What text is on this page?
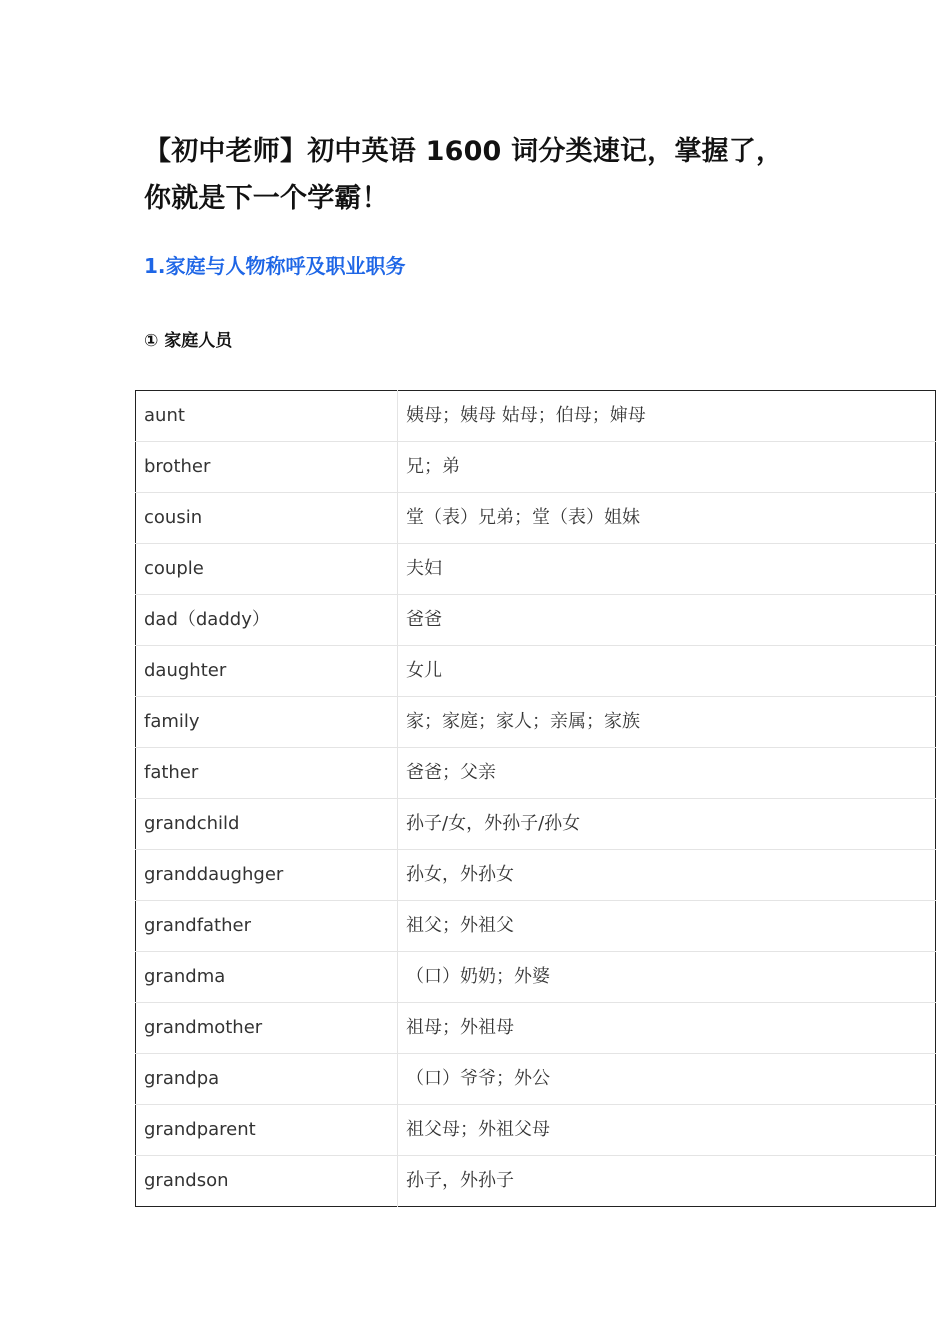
【初中老师】初中英语 1600 词分类速记，掌握了，
你就是下一个学霸！
1.家庭与人物称呼及职业职务
① 家庭人员
aunt	姨母；姨母 姑母；伯母；婶母
brother	兄；弟
cousin	堂（表）兄弟；堂（表）姐妹
couple	夫妇
dad（daddy）	爸爸
daughter	女儿
family	家；家庭；家人；亲属；家族
father	爸爸；父亲
grandchild	孙子/女，外孙子/孙女
granddaughger	孙女，外孙女
grandfather	祖父；外祖父
grandma	（口）奶奶；外婆
grandmother	祖母；外祖母
grandpa	（口）爷爷；外公
grandparent	祖父母；外祖父母
grandson	孙子，外孙子
